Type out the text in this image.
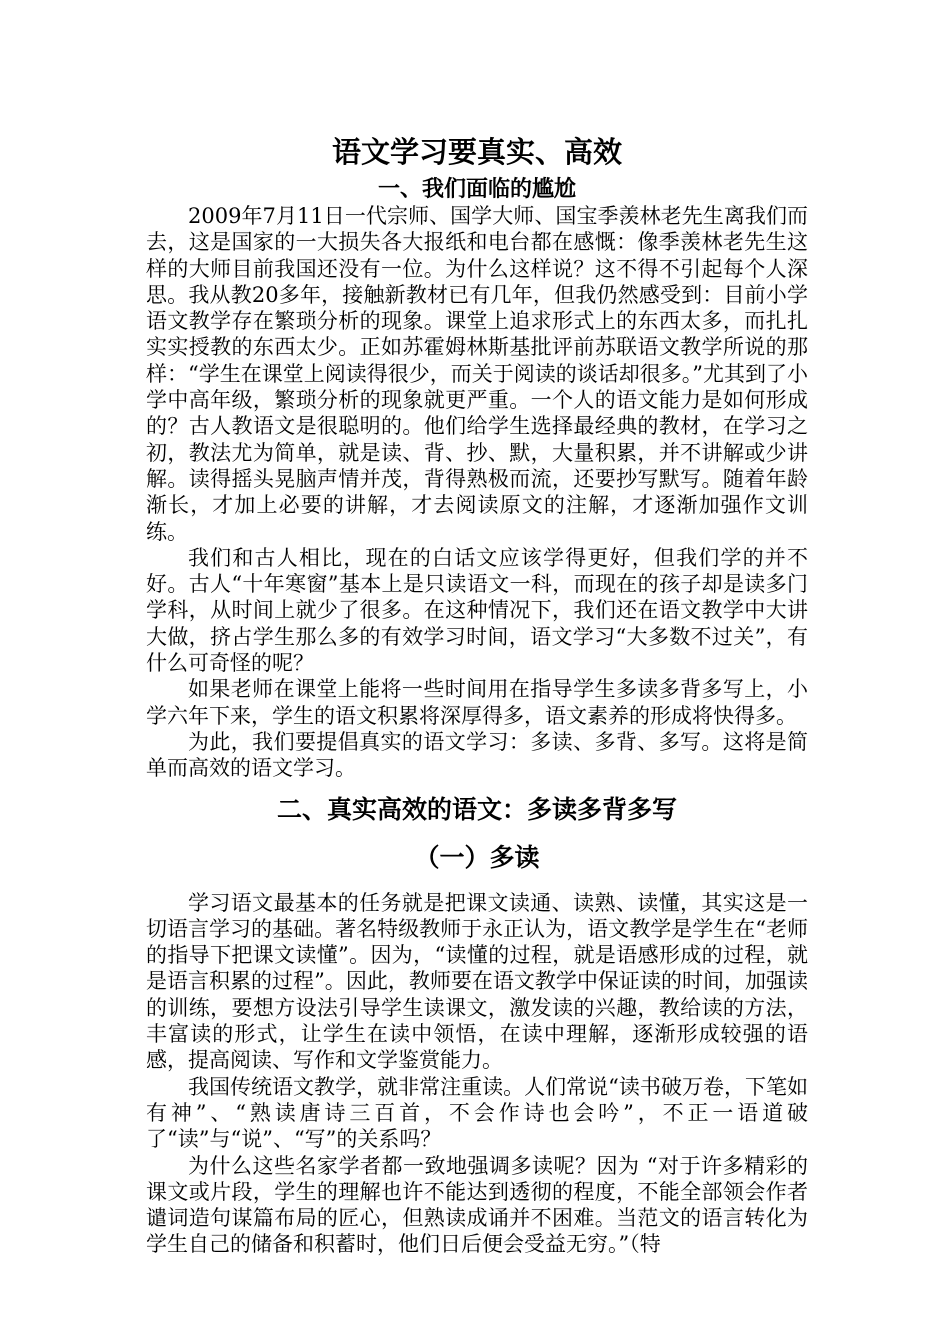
语文学习要真实、高效
一、我们面临的尴尬

2009年7月11日一代宗师、国学大师、国宝季羡林老先生离我们而去，这是国家的一大损失各大报纸和电台都在感慨：像季羡林老先生这样的大师目前我国还没有一位。为什么这样说？这不得不引起每个人深思。我从教20多年，接触新教材已有几年，但我仍然感受到：目前小学语文教学存在繁琐分析的现象。课堂上追求形式上的东西太多，而扎扎实实授教的东西太少。正如苏霍姆林斯基批评前苏联语文教学所说的那样：“学生在课堂上阅读得很少，而关于阅读的谈话却很多。”尤其到了小学中高年级，繁琐分析的现象就更严重。一个人的语文能力是如何形成的？古人教语文是很聪明的。他们给学生选择最经典的教材，在学习之初，教法尤为简单，就是读、背、抄、默，大量积累，并不讲解或少讲解。读得摇头晃脑声情并茂，背得熟极而流，还要抄写默写。随着年龄渐长，才加上必要的讲解，才去阅读原文的注解，才逐渐加强作文训练。

我们和古人相比，现在的白话文应该学得更好，但我们学的并不好。古人“十年寒窗”基本上是只读语文一科，而现在的孩子却是读多门学科，从时间上就少了很多。在这种情况下，我们还在语文教学中大讲大做，挤占学生那么多的有效学习时间，语文学习“大多数不过关”，有什么可奇怪的呢？

如果老师在课堂上能将一些时间用在指导学生多读多背多写上，小学六年下来，学生的语文积累将深厚得多，语文素养的形成将快得多。

为此，我们要提倡真实的语文学习：多读、多背、多写。这将是简单而高效的语文学习。

二、真实高效的语文：多读多背多写
（一）多读

学习语文最基本的任务就是把课文读通、读熟、读懂，其实这是一切语言学习的基础。著名特级教师于永正认为，语文教学是学生在“老师的指导下把课文读懂”。因为，“读懂的过程，就是语感形成的过程，就是语言积累的过程”。因此，教师要在语文教学中保证读的时间，加强读的训练，要想方设法引导学生读课文，激发读的兴趣，教给读的方法，丰富读的形式，让学生在读中领悟，在读中理解，逐渐形成较强的语感，提高阅读、写作和文学鉴赏能力。

我国传统语文教学，就非常注重读。人们常说“读书破万卷，下笔如有神”、“熟读唐诗三百首，不会作诗也会吟”，不正一语道破了“读”与“说”、“写”的关系吗？

为什么这些名家学者都一致地强调多读呢？因为 “对于许多精彩的课文或片段，学生的理解也许不能达到透彻的程度，不能全部领会作者谴词造句谋篇布局的匠心，但熟读成诵并不困难。当范文的语言转化为学生自己的储备和积蓄时，他们日后便会受益无穷。”（特
